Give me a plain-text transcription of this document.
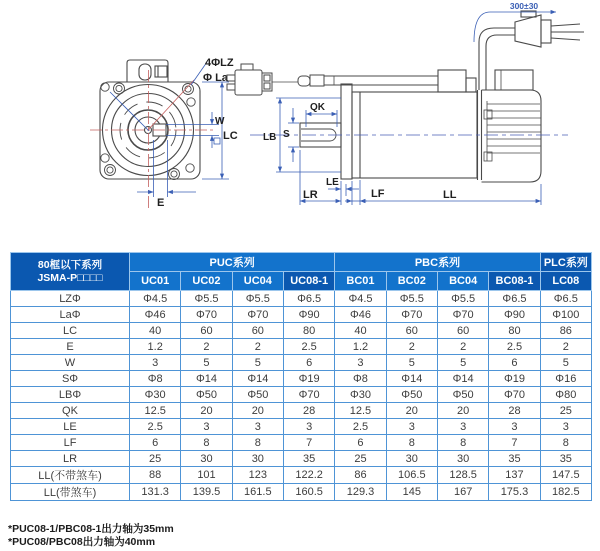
4ΦLZ
Φ La
W
LC
E
300±30
QK
S
LB
LE
LR	LF	LL
80框以下系列
JSMA-P□□□□	PUC系列				PBC系列				PLC系列
	UC01	UC02	UC04	UC08-1	BC01	BC02	BC04	BC08-1	LC08
LZΦ	Φ4.5	Φ5.5	Φ5.5	Φ6.5	Φ4.5	Φ5.5	Φ5.5	Φ6.5	Φ6.5
LaΦ	Φ46	Φ70	Φ70	Φ90	Φ46	Φ70	Φ70	Φ90	Φ100
LC	40	60	60	80	40	60	60	80	86
E	1.2	2	2	2.5	1.2	2	2	2.5	2
W	3	5	5	6	3	5	5	6	5
SΦ	Φ8	Φ14	Φ14	Φ19	Φ8	Φ14	Φ14	Φ19	Φ16
LBΦ	Φ30	Φ50	Φ50	Φ70	Φ30	Φ50	Φ50	Φ70	Φ80
QK	12.5	20	20	28	12.5	20	20	28	25
LE	2.5	3	3	3	2.5	3	3	3	3
LF	6	8	8	7	6	8	8	7	8
LR	25	30	30	35	25	30	30	35	35
LL(不带煞车)	88	101	123	122.2	86	106.5	128.5	137	147.5
LL(带煞车)	131.3	139.5	161.5	160.5	129.3	145	167	175.3	182.5
*PUC08-1/PBC08-1出力轴为35mm
*PUC08/PBC08出力轴为40mm
